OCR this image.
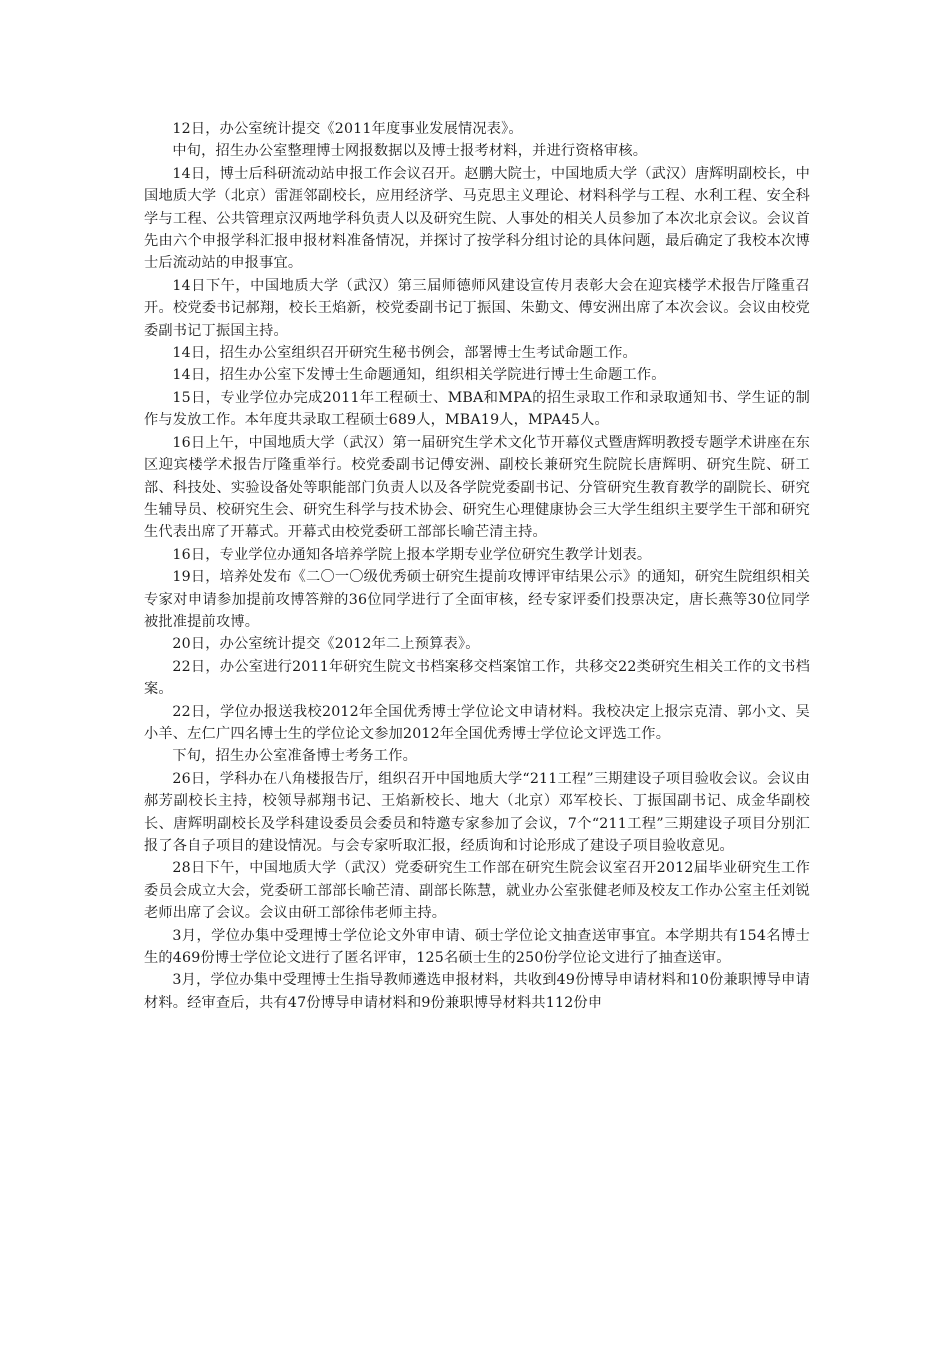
12日，办公室统计提交《2011年度事业发展情况表》。

中旬，招生办公室整理博士网报数据以及博士报考材料，并进行资格审核。

14日，博士后科研流动站申报工作会议召开。赵鹏大院士，中国地质大学（武汉）唐辉明副校长，中国地质大学（北京）雷涯邻副校长，应用经济学、马克思主义理论、材料科学与工程、水利工程、安全科学与工程、公共管理京汉两地学科负责人以及研究生院、人事处的相关人员参加了本次北京会议。会议首先由六个申报学科汇报申报材料准备情况，并探讨了按学科分组讨论的具体问题，最后确定了我校本次博士后流动站的申报事宜。

14日下午，中国地质大学（武汉）第三届师德师风建设宣传月表彰大会在迎宾楼学术报告厅隆重召开。校党委书记郝翔，校长王焰新，校党委副书记丁振国、朱勤文、傅安洲出席了本次会议。会议由校党委副书记丁振国主持。

14日，招生办公室组织召开研究生秘书例会，部署博士生考试命题工作。

14日，招生办公室下发博士生命题通知，组织相关学院进行博士生命题工作。

15日，专业学位办完成2011年工程硕士、MBA和MPA的招生录取工作和录取通知书、学生证的制作与发放工作。本年度共录取工程硕士689人，MBA19人，MPA45人。

16日上午，中国地质大学（武汉）第一届研究生学术文化节开幕仪式暨唐辉明教授专题学术讲座在东区迎宾楼学术报告厅隆重举行。校党委副书记傅安洲、副校长兼研究生院院长唐辉明、研究生院、研工部、科技处、实验设备处等职能部门负责人以及各学院党委副书记、分管研究生教育教学的副院长、研究生辅导员、校研究生会、研究生科学与技术协会、研究生心理健康协会三大学生组织主要学生干部和研究生代表出席了开幕式。开幕式由校党委研工部部长喻芒清主持。

16日，专业学位办通知各培养学院上报本学期专业学位研究生教学计划表。

19日，培养处发布《二〇一〇级优秀硕士研究生提前攻博评审结果公示》的通知，研究生院组织相关专家对申请参加提前攻博答辩的36位同学进行了全面审核，经专家评委们投票决定，唐长燕等30位同学被批准提前攻博。

20日，办公室统计提交《2012年二上预算表》。

22日，办公室进行2011年研究生院文书档案移交档案馆工作，共移交22类研究生相关工作的文书档案。

22日，学位办报送我校2012年全国优秀博士学位论文申请材料。我校决定上报宗克清、郭小文、吴小羊、左仁广四名博士生的学位论文参加2012年全国优秀博士学位论文评选工作。

下旬，招生办公室准备博士考务工作。

26日，学科办在八角楼报告厅，组织召开中国地质大学“211工程”三期建设子项目验收会议。会议由郝芳副校长主持，校领导郝翔书记、王焰新校长、地大（北京）邓军校长、丁振国副书记、成金华副校长、唐辉明副校长及学科建设委员会委员和特邀专家参加了会议，7个“211工程”三期建设子项目分别汇报了各自子项目的建设情况。与会专家听取汇报，经质询和讨论形成了建设子项目验收意见。

28日下午，中国地质大学（武汉）党委研究生工作部在研究生院会议室召开2012届毕业研究生工作委员会成立大会，党委研工部部长喻芒清、副部长陈慧，就业办公室张健老师及校友工作办公室主任刘锐老师出席了会议。会议由研工部徐伟老师主持。

3月，学位办集中受理博士学位论文外审申请、硕士学位论文抽查送审事宜。本学期共有154名博士生的469份博士学位论文进行了匿名评审，125名硕士生的250份学位论文进行了抽查送审。

3月，学位办集中受理博士生指导教师遴选申报材料，共收到49份博导申请材料和10份兼职博导申请材料。经审查后，共有47份博导申请材料和9份兼职博导材料共112份申
